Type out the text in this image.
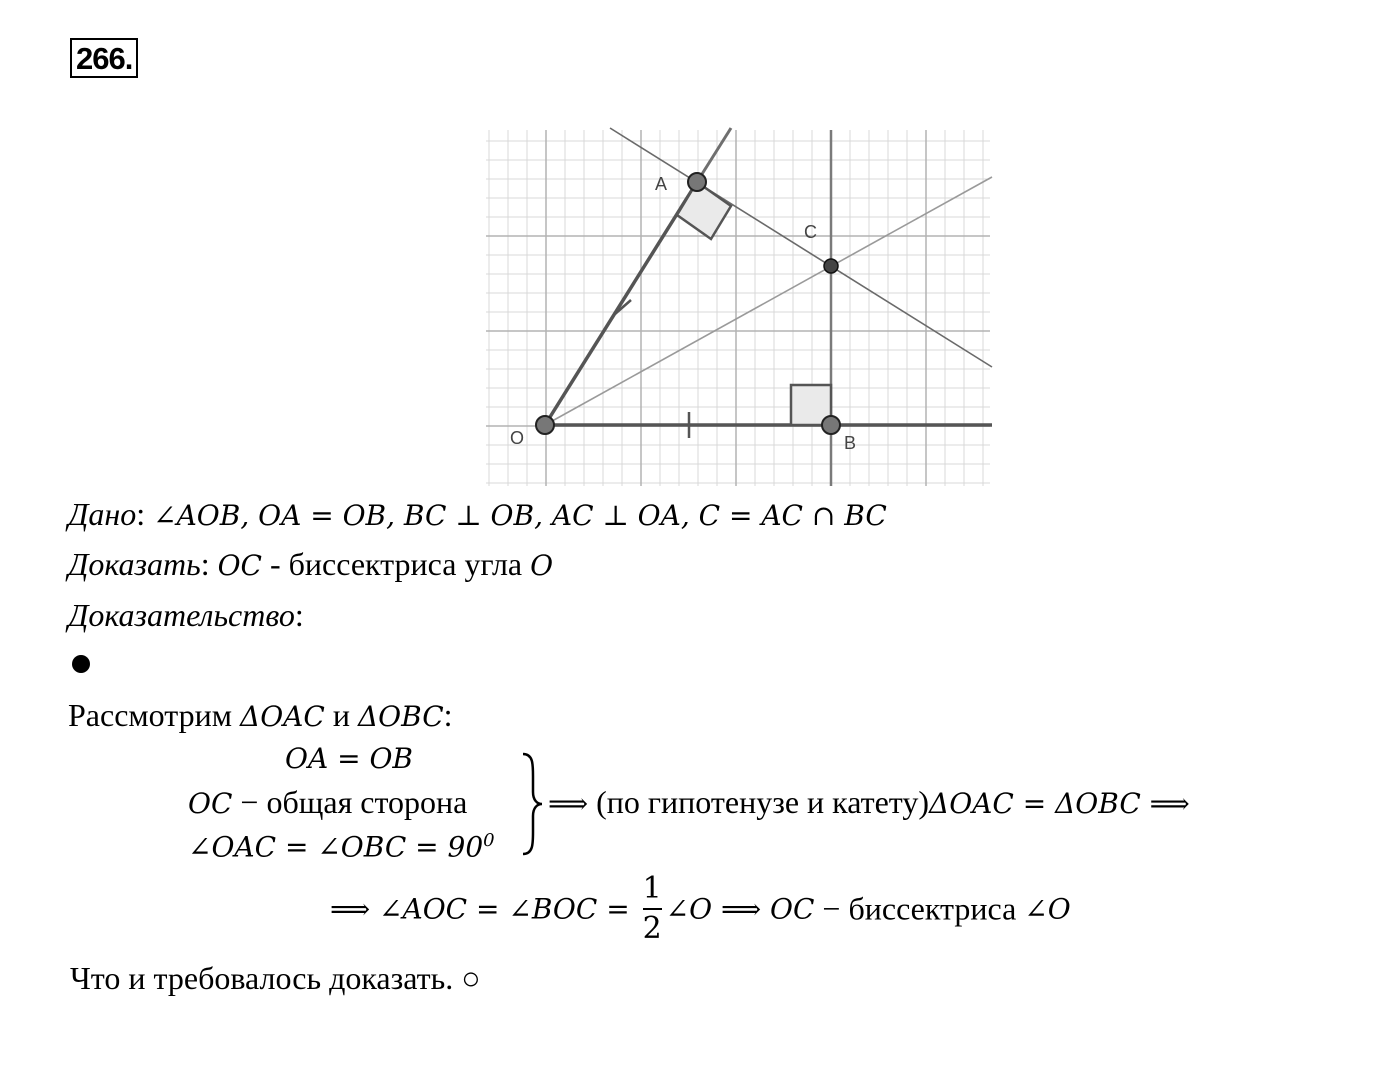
266.
A
C
O	B
Дано: ∠AOB, OA = OB, BC ⊥ OB, AC ⊥ OA, C = AC ∩ BC
Доказать: OC - биссектриса угла O
Доказательство:
Рассмотрим ΔOAC и ΔOBC:
OA = OB
OC − общая сторона
∠OAC = ∠OBC = $90^0$
⟹ (по гипотенузе и катету)ΔOAC = ΔOBC ⟹
⟹ ∠AOC = ∠BOC = $\frac{1}{2}$ ∠O ⟹ OC − биссектриса ∠O
Что и требовалось доказать. ○
